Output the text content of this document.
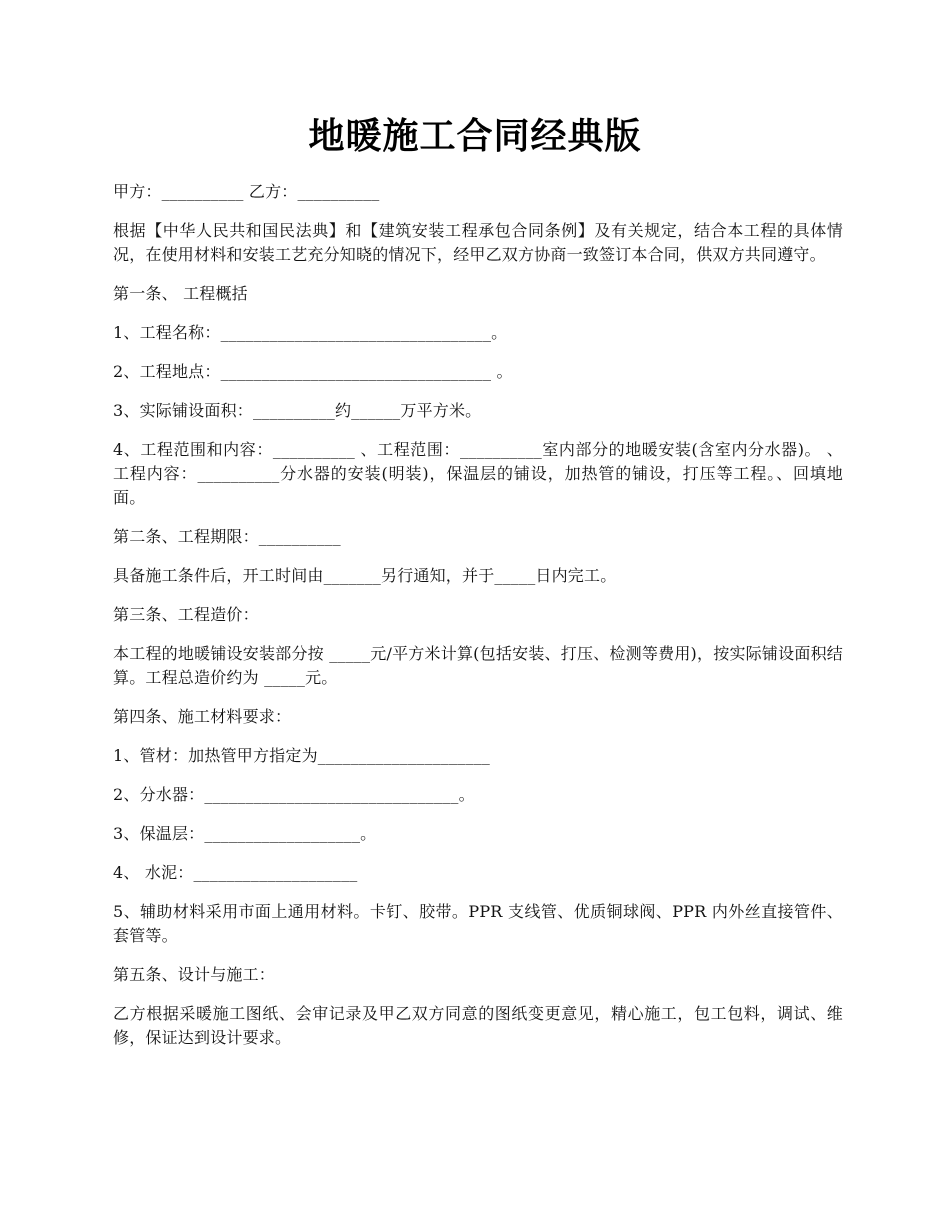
地暖施工合同经典版

甲方：__________ 乙方：__________

根据【中华人民共和国民法典】和【建筑安装工程承包合同条例】及有关规定，结合本工程的具体情况，在使用材料和安装工艺充分知晓的情况下，经甲乙双方协商一致签订本合同，供双方共同遵守。

第一条、 工程概括

1、工程名称：_________________________________。

2、工程地点：_________________________________ 。

3、实际铺设面积：__________约______万平方米。

4、工程范围和内容：__________ 、工程范围：__________室内部分的地暖安装(含室内分水器)。 、工程内容：__________分水器的安装(明装)，保温层的铺设，加热管的铺设，打压等工程。、回填地面。

第二条、工程期限：__________

具备施工条件后，开工时间由_______另行通知，并于_____日内完工。

第三条、工程造价：

本工程的地暖铺设安装部分按 _____元/平方米计算(包括安装、打压、检测等费用)，按实际铺设面积结算。工程总造价约为 _____元。

第四条、施工材料要求：

1、管材：加热管甲方指定为_____________________

2、分水器：_______________________________。

3、保温层：___________________。

4、 水泥：____________________

5、辅助材料采用市面上通用材料。卡钉、胶带。PPR 支线管、优质铜球阀、PPR 内外丝直接管件、套管等。

第五条、设计与施工：

乙方根据采暖施工图纸、会审记录及甲乙双方同意的图纸变更意见，精心施工，包工包料，调试、维修，保证达到设计要求。
